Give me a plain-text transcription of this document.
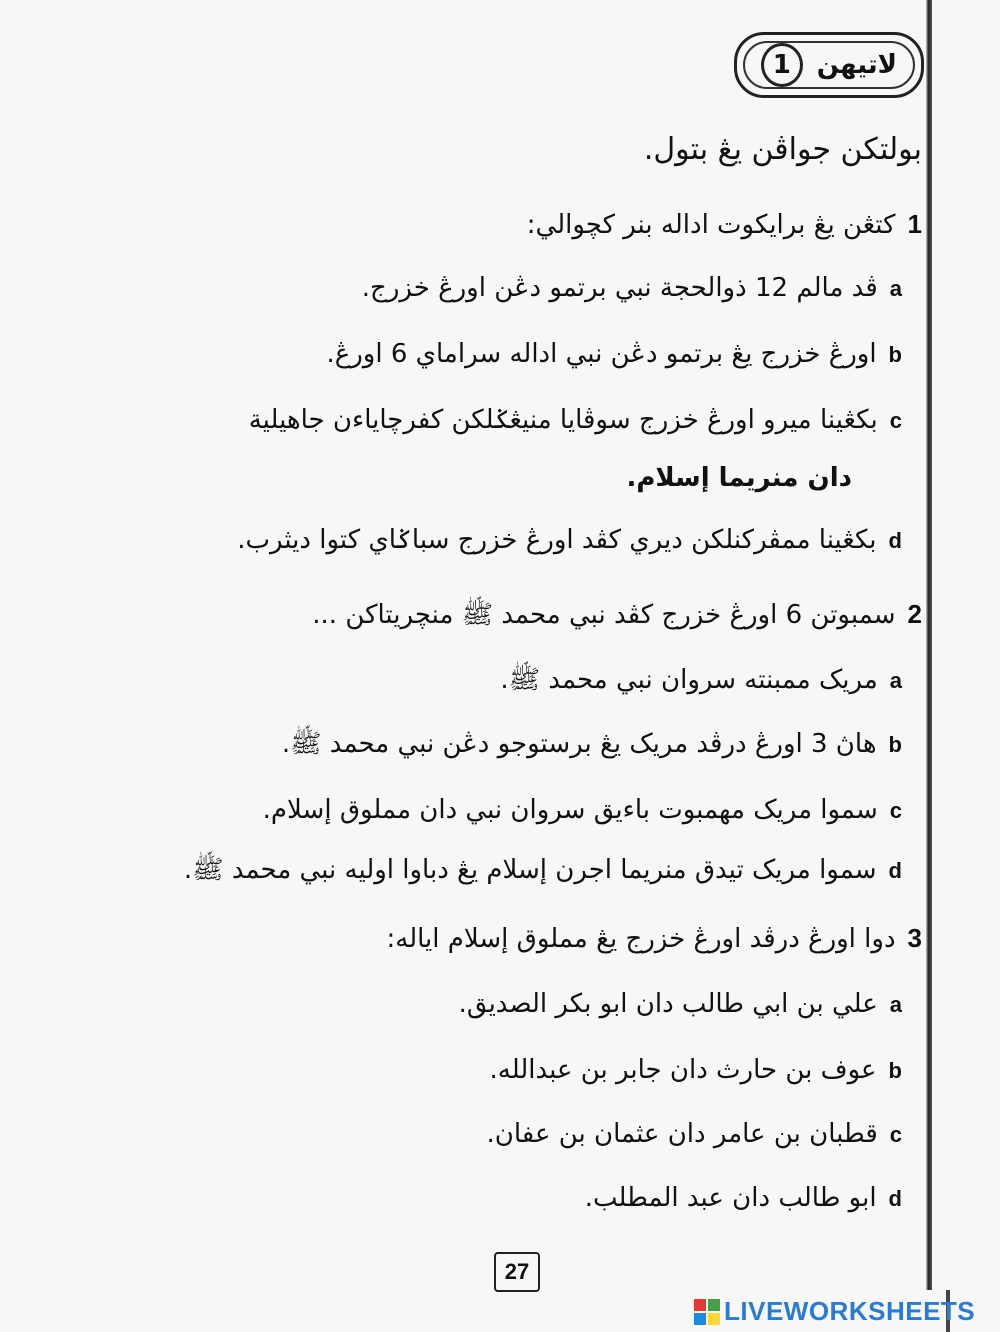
لاتيهن
1
بولتكن جواڤن يڠ بتول.
1كتڠن يڠ برايكوت اداله بنر كچوالي:
aڤد مالم 12 ذوالحجة نبي برتمو دڠن اورڠ خزرج.
bاورڠ خزرج يڠ برتمو دڠن نبي اداله سراماي 6 اورڠ.
cبكڠينا ميرو اورڠ خزرج سوڤايا منيڠݢلكن كفرچاياءن جاهيلية
دان منريما إسلام.
dبكڠينا ممڤركنلكن ديري كڤد اورڠ خزرج سباݢاي كتوا ديثرب.
2سمبوتن 6 اورڠ خزرج كڤد نبي محمد ﷺ منچريتاكن ...
aمريک ممبنته سروان نبي محمد ﷺ.
bهاڽ 3 اورڠ درڤد مريک يڠ برستوجو دڠن نبي محمد ﷺ.
cسموا مريک مهمبوت باءيق سروان نبي دان مملوق إسلام.
dسموا مريک تيدق منريما اجرن إسلام يڠ دباوا اوليه نبي محمد ﷺ.
3دوا اورڠ درڤد اورڠ خزرج يڠ مملوق إسلام اياله:
aعلي بن ابي طالب دان ابو بكر الصديق.
bعوف بن حارث دان جابر بن عبدالله.
cقطبان بن عامر دان عثمان بن عفان.
dابو طالب دان عبد المطلب.
27
LIVEWORKSHEETS
